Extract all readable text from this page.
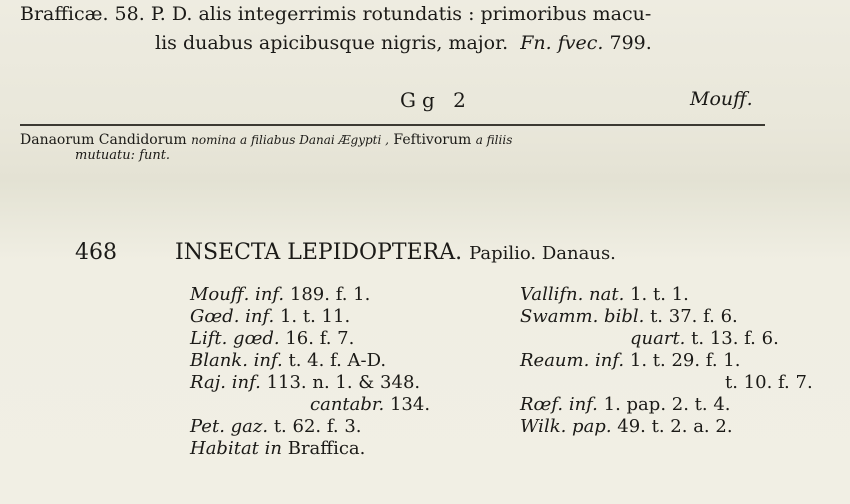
Brafficæ. 58. P. D. alis integerrimis rotundatis : primoribus macu-
lis duabus apicibusque nigris, major. Fn. fvec. 799.
Gg 2	Mouff.
Danaorum Candidorum nomina a filiabus Danai Ægypti , Feftivorum a filiis
mutuatu: funt.
468	INSECTA LEPIDOPTERA. Papilio. Danaus.
Mouff. inf. 189. f. 1.
Gœd. inf. 1. t. 11.
Lift. gœd. 16. f. 7.
Blank. inf. t. 4. f. A-D.
Raj. inf. 113. n. 1. & 348.
cantabr. 134.
Pet. gaz. t. 62. f. 3.
Habitat in Braffica.
Vallifn. nat. 1. t. 1.
Swamm. bibl. t. 37. f. 6.
quart. t. 13. f. 6.
Reaum. inf. 1. t. 29. f. 1.
t. 10. f. 7.
Rœf. inf. 1. pap. 2. t. 4.
Wilk. pap. 49. t. 2. a. 2.
